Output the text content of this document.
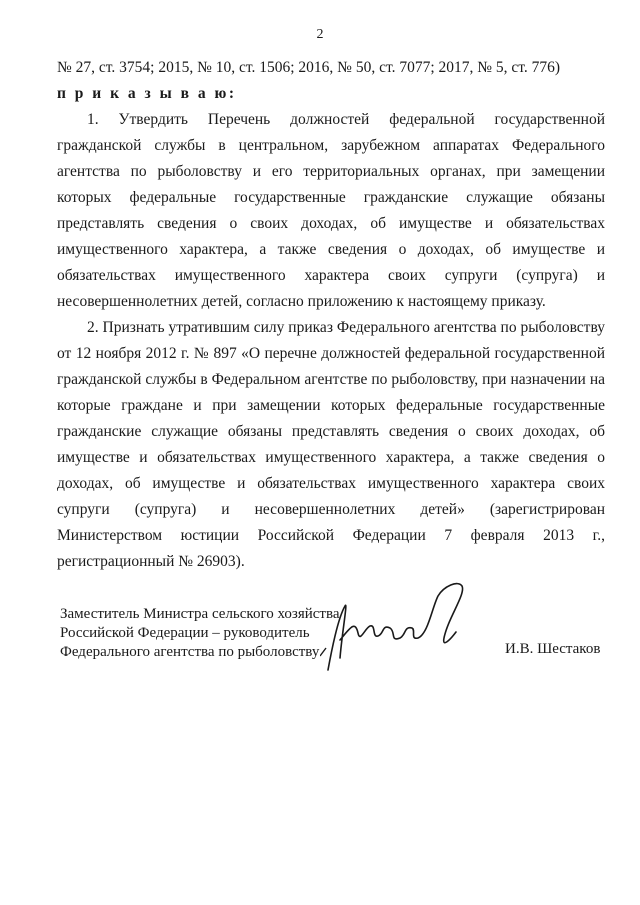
2

№ 27, ст. 3754; 2015, № 10, ст. 1506; 2016, № 50, ст. 7077; 2017, № 5, ст. 776)

п р и к а з ы в а ю:

1. Утвердить Перечень должностей федеральной государственной гражданской службы в центральном, зарубежном аппаратах Федерального агентства по рыболовству и его территориальных органах, при замещении которых федеральные государственные гражданские служащие обязаны представлять сведения о своих доходах, об имуществе и обязательствах имущественного характера, а также сведения о доходах, об имуществе и обязательствах имущественного характера своих супруги (супруга) и несовершеннолетних детей, согласно приложению к настоящему приказу.

2. Признать утратившим силу приказ Федерального агентства по рыболовству от 12 ноября 2012 г. № 897 «О перечне должностей федеральной государственной гражданской службы в Федеральном агентстве по рыболовству, при назначении на которые граждане и при замещении которых федеральные государственные гражданские служащие обязаны представлять сведения о своих доходах, об имуществе и обязательствах имущественного характера, а также сведения о доходах, об имуществе и обязательствах имущественного характера своих супруги (супруга) и несовершеннолетних детей» (зарегистрирован Министерством юстиции Российской Федерации 7 февраля 2013 г., регистрационный № 26903).

Заместитель Министра сельского хозяйства
Российской Федерации – руководитель
Федерального агентства по рыболовству	И.В. Шестаков
